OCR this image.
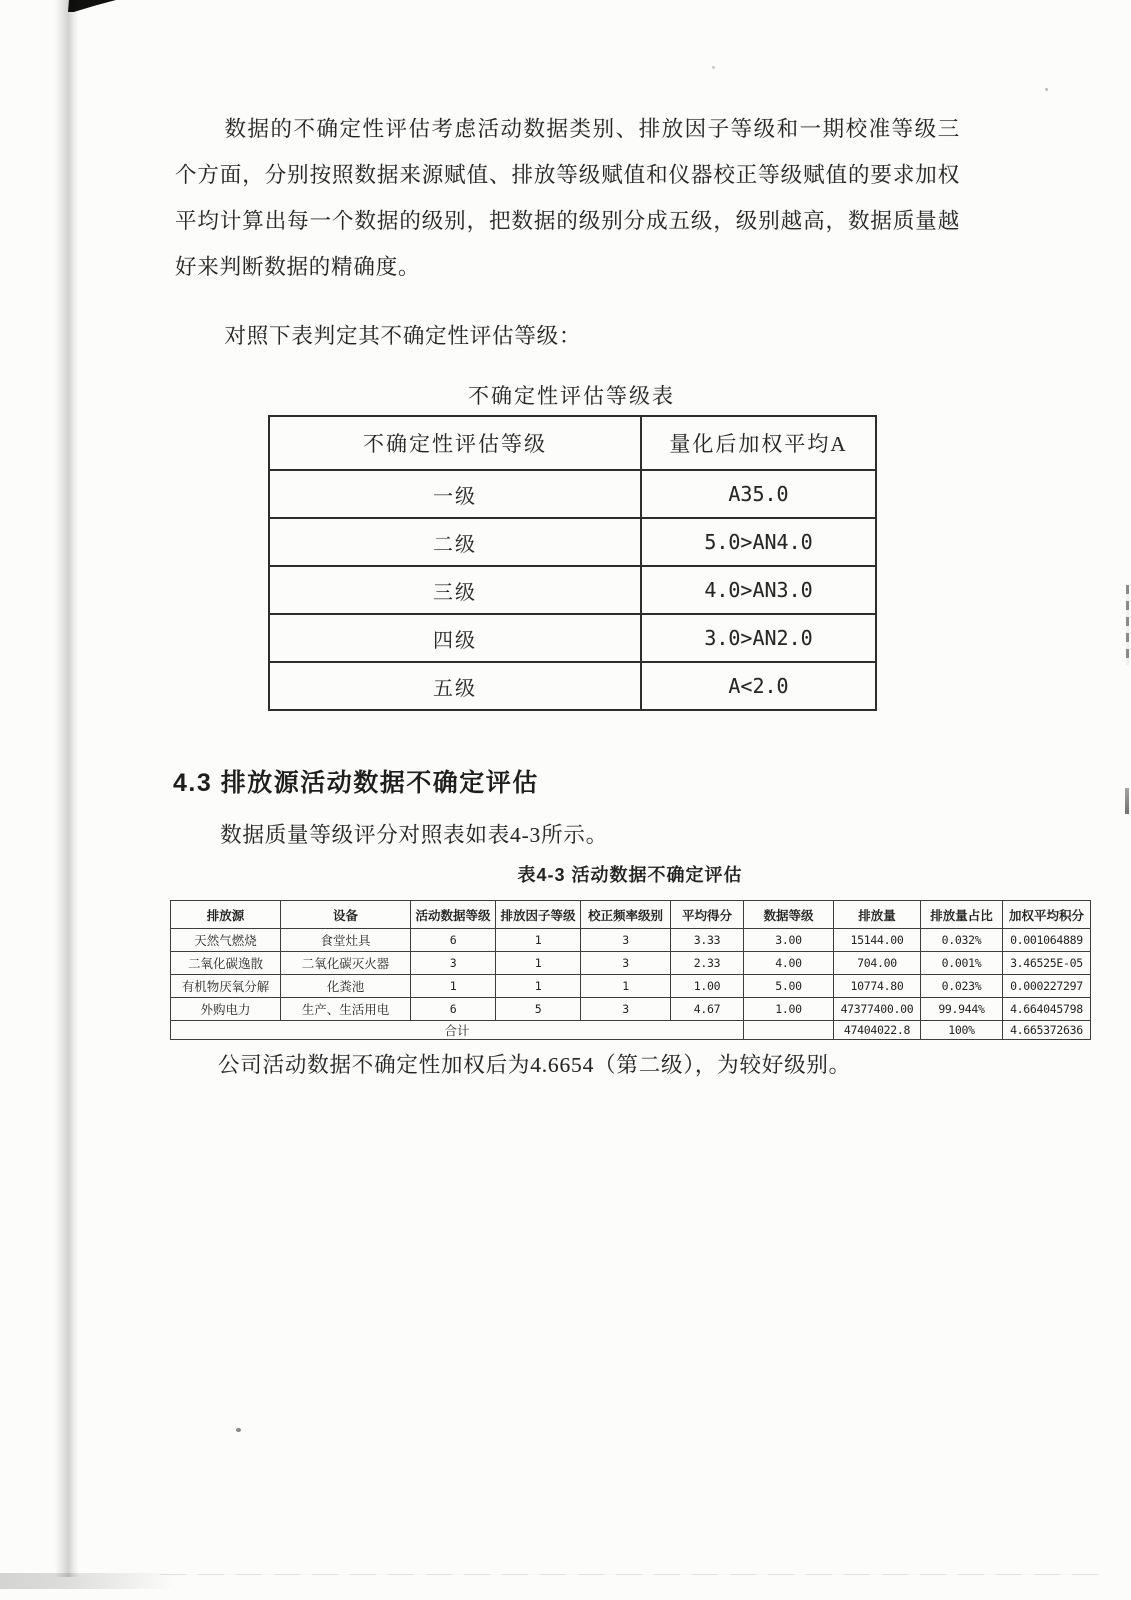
数据的不确定性评估考虑活动数据类别、排放因子等级和一期校准等级三个方面，分别按照数据来源赋值、排放等级赋值和仪器校正等级赋值的要求加权平均计算出每一个数据的级别，把数据的级别分成五级，级别越高，数据质量越好来判断数据的精确度。

对照下表判定其不确定性评估等级：

不确定性评估等级表
不确定性评估等级	量化后加权平均A
一级	A35.0
二级	5.0>AN4.0
三级	4.0>AN3.0
四级	3.0>AN2.0
五级	A<2.0
4.3 排放源活动数据不确定评估

数据质量等级评分对照表如表4-3所示。

表4-3 活动数据不确定评估
排放源	设备	活动数据等级	排放因子等级	校正频率级别	平均得分	数据等级	排放量	排放量占比	加权平均积分
天然气燃烧	食堂灶具	6	1	3	3.33	3.00	15144.00	0.032%	0.001064889
二氧化碳逸散	二氧化碳灭火器	3	1	3	2.33	4.00	704.00	0.001%	3.46525E-05
有机物厌氧分解	化粪池	1	1	1	1.00	5.00	10774.80	0.023%	0.000227297
外购电力	生产、生活用电	6	5	3	4.67	1.00	47377400.00	99.944%	4.664045798
合计							47404022.8	100%	4.665372636

公司活动数据不确定性加权后为4.6654（第二级），为较好级别。
